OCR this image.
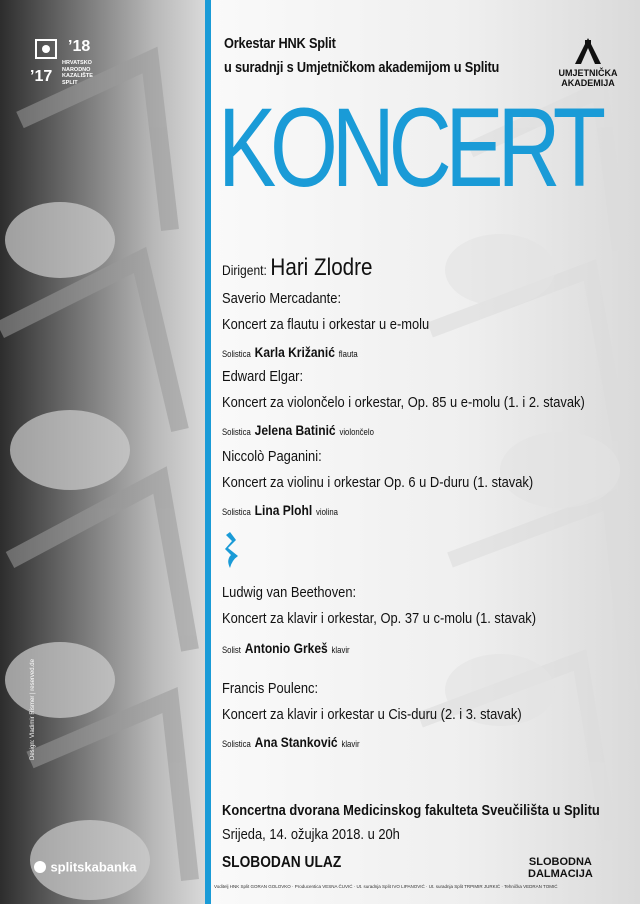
’18
’17
HRVATSKO
NARODNO
KAZALIŠTE
SPLIT
Orkestar HNK Split
u suradnji s Umjetničkom akademijom u Splitu	UMJETNIČKA
AKADEMIJA
KONCERT
Dirigent: Hari Zlodre
Saverio Mercadante:
Koncert za flautu i orkestar u e-molu
Solistica Karla Križanić flauta
Edward Elgar:
Koncert za violončelo i orkestar, Op. 85 u e-molu (1. i 2. stavak)
Solistica Jelena Batinić violončelo
Niccolò Paganini:
Koncert za violinu i orkestar Op. 6 u D-duru (1. stavak)
Solistica Lina Plohl violina
Ludwig van Beethoven:
Koncert za klavir i orkestar, Op. 37 u c-molu (1. stavak)
Solist Antonio Grkeš klavir
Francis Poulenc:
Koncert za klavir i orkestar u Cis-duru (2. i 3. stavak)
Solistica Ana Stanković klavir
Koncertna dvorana Medicinskog fakulteta Sveučilišta u Splitu
Srijeda, 14. ožujka 2018. u 20h
SLOBODAN ULAZ
splitskabanka	SLOBODNA
DALMACIJA
Voditelj HNK Split GORAN GOLOVKO · Producentica VESNA ČUVIĆ · Ut. suradnja Split IVO LIPANOVIĆ · Ut. suradnja Split TRPIMIR JURKIĆ · Tehnička VEDRAN TOMIĆ
Design: Vladimir Rismer | reserved.de
